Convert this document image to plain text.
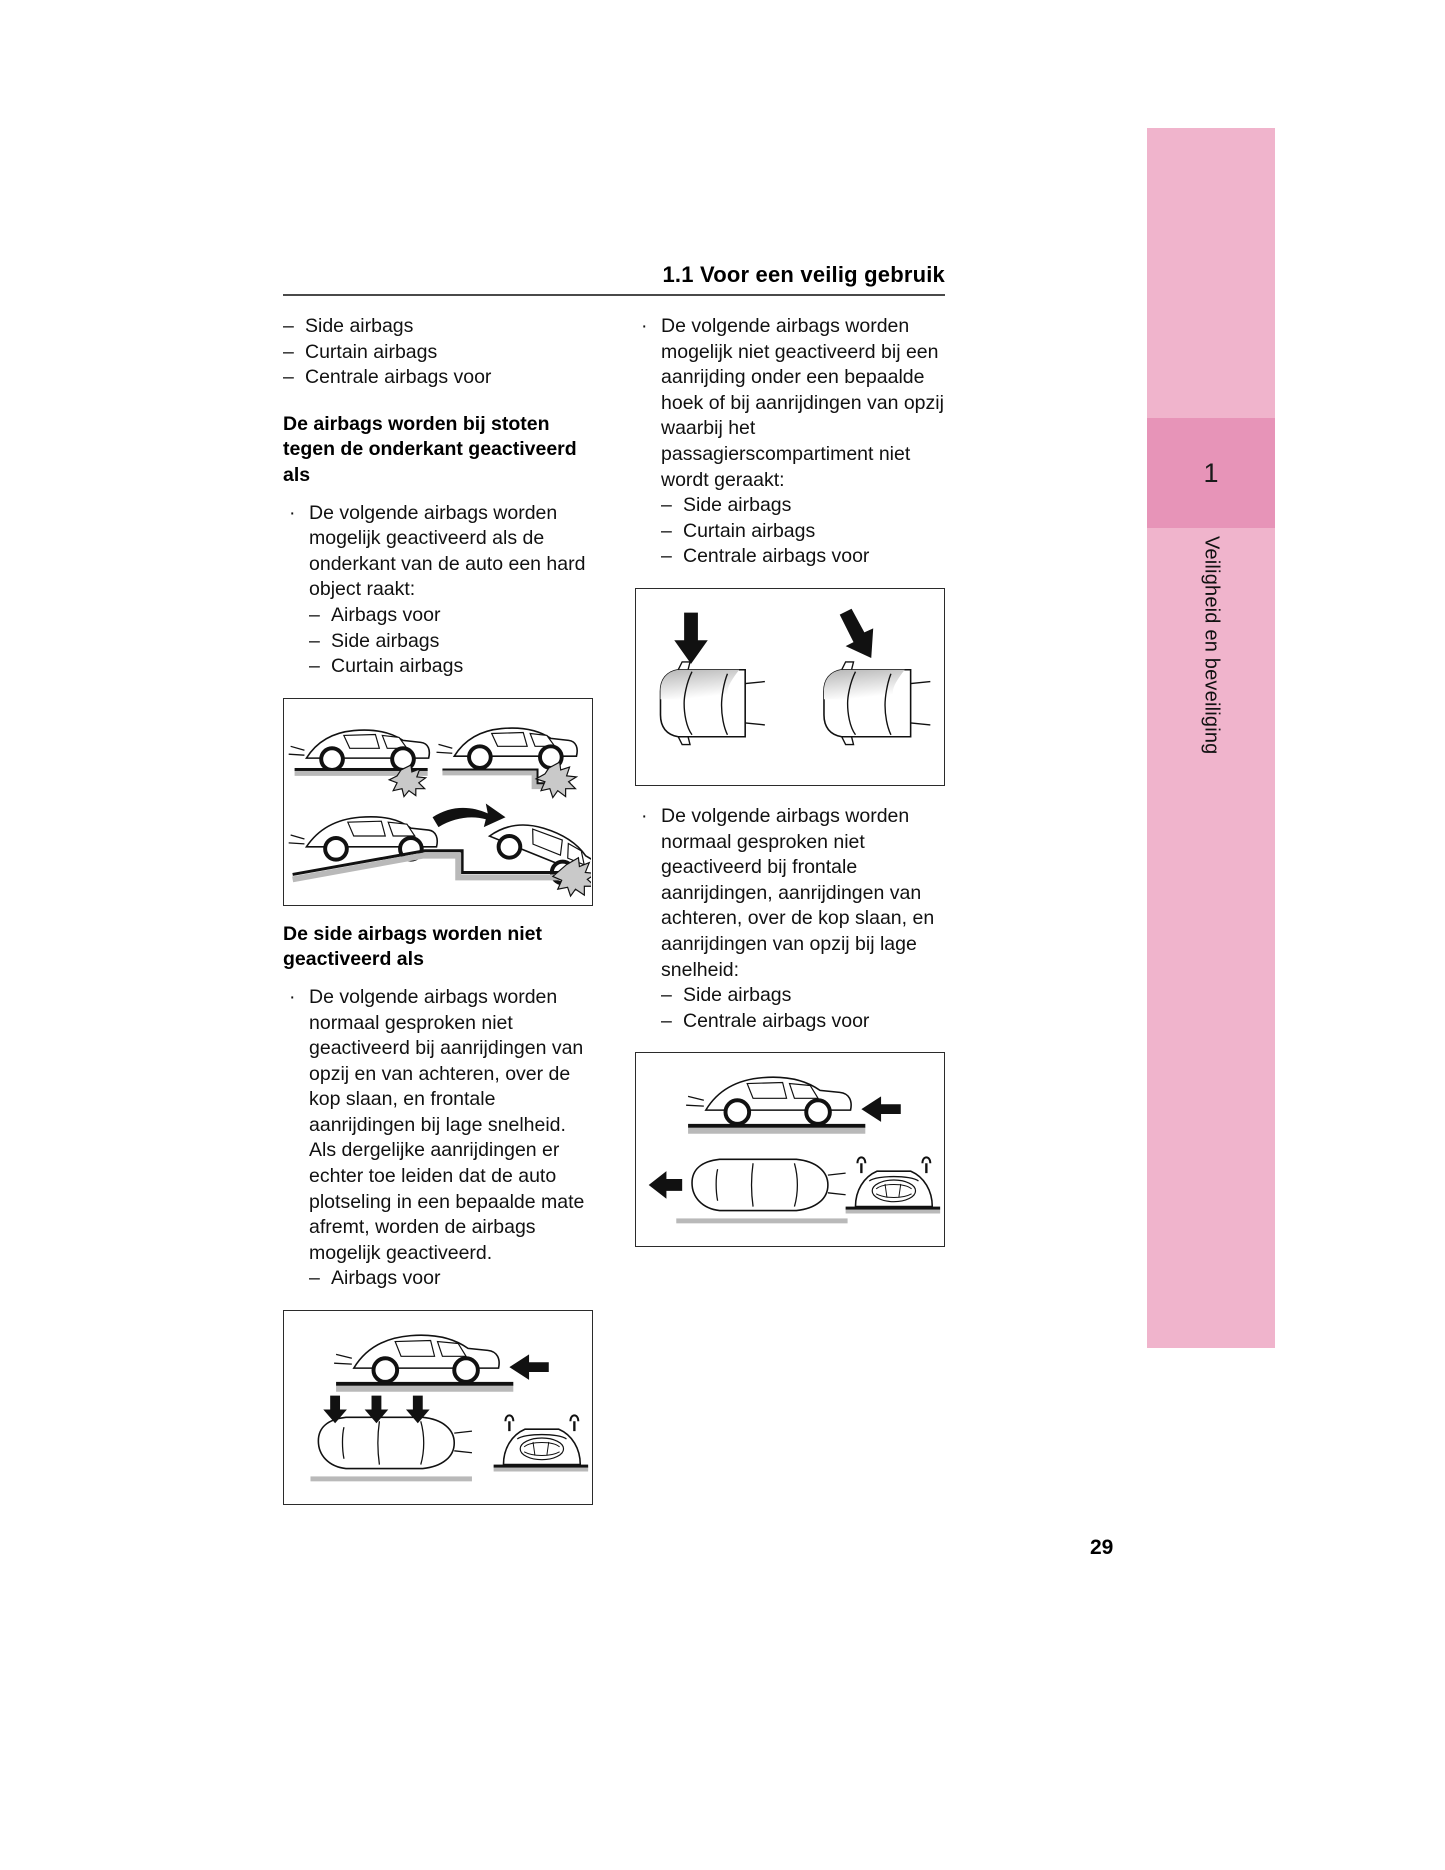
1
Veiligheid en beveiliging
1.1 Voor een veilig gebruik
– Side airbags
– Curtain airbags
– Centrale airbags voor
De airbags worden bij stoten tegen de onderkant geactiveerd als
· De volgende airbags worden mogelijk geactiveerd als de onderkant van de auto een hard object raakt:
– Airbags voor
– Side airbags
– Curtain airbags
De side airbags worden niet geactiveerd als
· De volgende airbags worden normaal gesproken niet geactiveerd bij aanrijdingen van opzij en van achteren, over de kop slaan, en frontale aanrijdingen bij lage snelheid. Als dergelijke aanrijdingen er echter toe leiden dat de auto plotseling in een bepaalde mate afremt, worden de airbags mogelijk geactiveerd.
– Airbags voor
· De volgende airbags worden mogelijk niet geactiveerd bij een aanrijding onder een bepaalde hoek of bij aanrijdingen van opzij waarbij het passagierscompartiment niet wordt geraakt:
– Side airbags
– Curtain airbags
– Centrale airbags voor
· De volgende airbags worden normaal gesproken niet geactiveerd bij frontale aanrijdingen, aanrijdingen van achteren, over de kop slaan, en aanrijdingen van opzij bij lage snelheid:
– Side airbags
– Centrale airbags voor
29
